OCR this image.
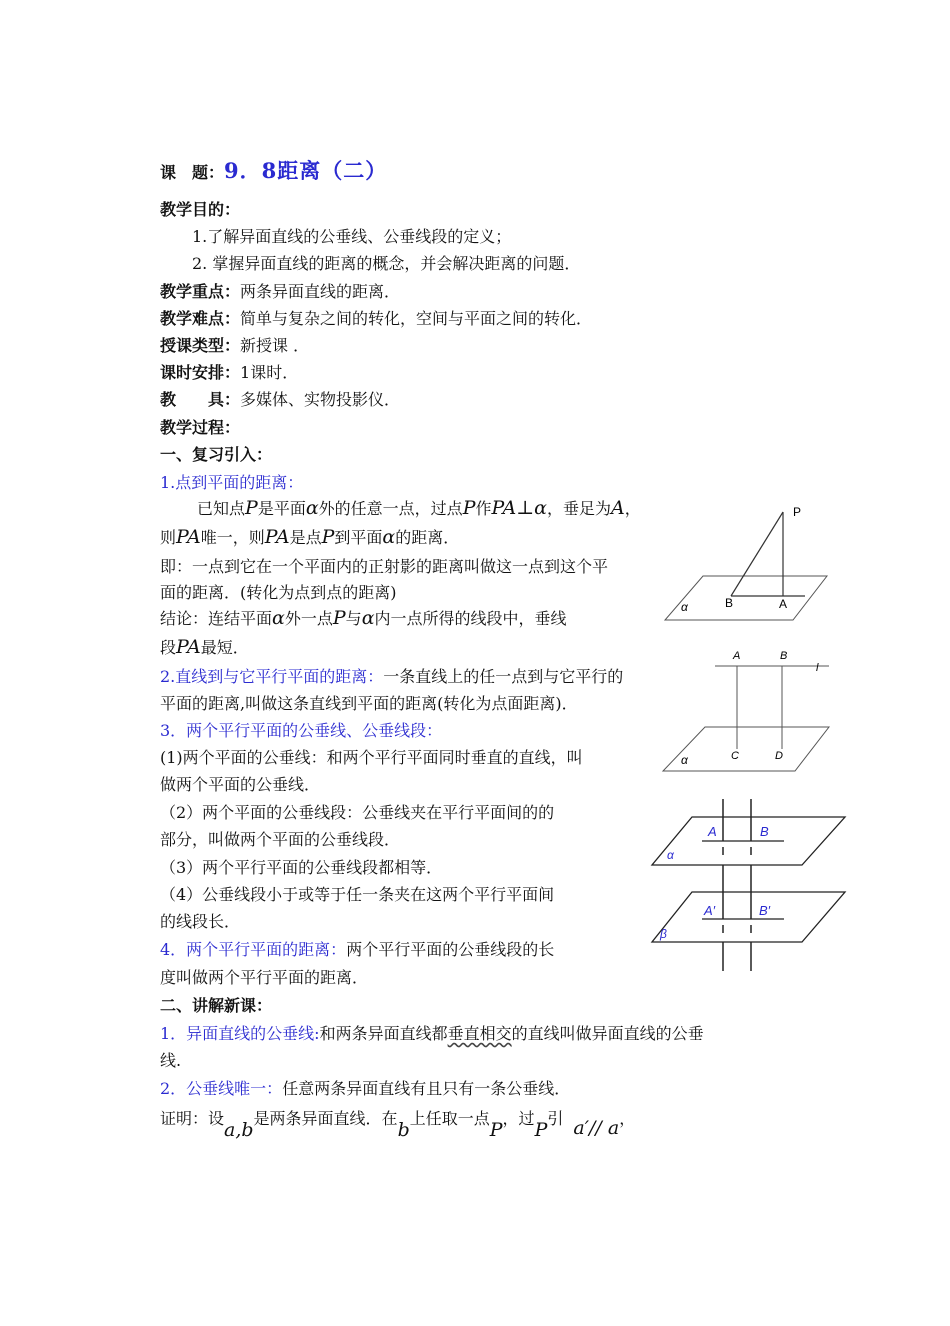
课　题：9．8距离（二）
教学目的：
1.了解异面直线的公垂线、公垂线段的定义；
2. 掌握异面直线的距离的概念，并会解决距离的问题．
教学重点：两条异面直线的距离．
教学难点：简单与复杂之间的转化，空间与平面之间的转化．
授课类型：新授课 ．
课时安排：1课时．
教　　具：多媒体、实物投影仪．
教学过程：
一、复习引入：
1.点到平面的距离：
已知点P是平面α外的任意一点，过点P作PA⊥α，垂足为A，
则PA唯一，则PA是点P到平面α的距离．
即：一点到它在一个平面内的正射影的距离叫做这一点到这个平
面的距离．(转化为点到点的距离)
结论：连结平面α外一点P与α内一点所得的线段中，垂线
段PA最短．
2.直线到与它平行平面的距离：一条直线上的任一点到与它平行的
平面的距离,叫做这条直线到平面的距离(转化为点面距离)．
3．两个平行平面的公垂线、公垂线段：
(1)两个平面的公垂线：和两个平行平面同时垂直的直线，叫
做两个平面的公垂线．
（2）两个平面的公垂线段：公垂线夹在平行平面间的的
部分，叫做两个平面的公垂线段．
（3）两个平行平面的公垂线段都相等．
（4）公垂线段小于或等于任一条夹在这两个平行平面间
的线段长．
4．两个平行平面的距离：两个平行平面的公垂线段的长
度叫做两个平行平面的距离．
二、讲解新课：
1．异面直线的公垂线:和两条异面直线都垂直相交的直线叫做异面直线的公垂
线.
2．公垂线唯一：任意两条异面直线有且只有一条公垂线．
证明：设a,b是两条异面直线．在b上任取一点P，过P引 a′// a，
P
B	A
α
A	B
l
C	D
α
A	B
α
A′	B′
β
